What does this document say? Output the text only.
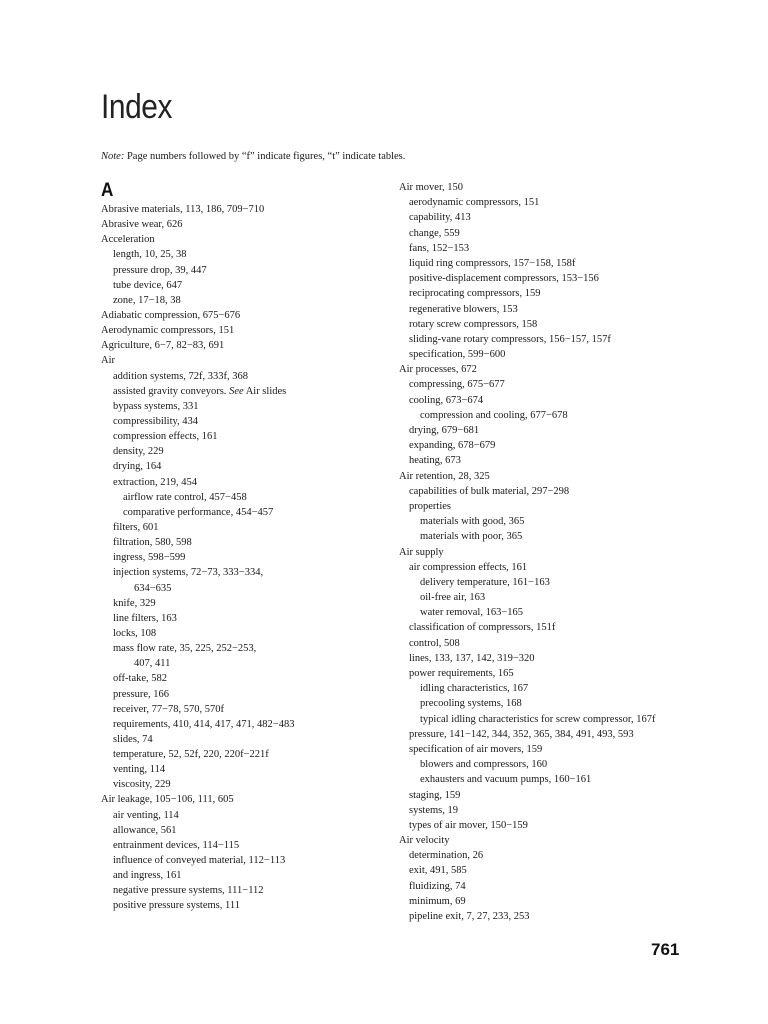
Index
Note: Page numbers followed by “f” indicate figures, “t” indicate tables.
A
Abrasive materials, 113, 186, 709−710
Abrasive wear, 626
Acceleration
length, 10, 25, 38
pressure drop, 39, 447
tube device, 647
zone, 17−18, 38
Adiabatic compression, 675−676
Aerodynamic compressors, 151
Agriculture, 6−7, 82−83, 691
Air
addition systems, 72f, 333f, 368
assisted gravity conveyors. See Air slides
bypass systems, 331
compressibility, 434
compression effects, 161
density, 229
drying, 164
extraction, 219, 454
airflow rate control, 457−458
comparative performance, 454−457
filters, 601
filtration, 580, 598
ingress, 598−599
injection systems, 72−73, 333−334,
634−635
knife, 329
line filters, 163
locks, 108
mass flow rate, 35, 225, 252−253,
407, 411
off-take, 582
pressure, 166
receiver, 77−78, 570, 570f
requirements, 410, 414, 417, 471, 482−483
slides, 74
temperature, 52, 52f, 220, 220f−221f
venting, 114
viscosity, 229
Air leakage, 105−106, 111, 605
air venting, 114
allowance, 561
entrainment devices, 114−115
influence of conveyed material, 112−113
and ingress, 161
negative pressure systems, 111−112
positive pressure systems, 111
Air mover, 150
aerodynamic compressors, 151
capability, 413
change, 559
fans, 152−153
liquid ring compressors, 157−158, 158f
positive-displacement compressors, 153−156
reciprocating compressors, 159
regenerative blowers, 153
rotary screw compressors, 158
sliding-vane rotary compressors, 156−157, 157f
specification, 599−600
Air processes, 672
compressing, 675−677
cooling, 673−674
compression and cooling, 677−678
drying, 679−681
expanding, 678−679
heating, 673
Air retention, 28, 325
capabilities of bulk material, 297−298
properties
materials with good, 365
materials with poor, 365
Air supply
air compression effects, 161
delivery temperature, 161−163
oil-free air, 163
water removal, 163−165
classification of compressors, 151f
control, 508
lines, 133, 137, 142, 319−320
power requirements, 165
idling characteristics, 167
precooling systems, 168
typical idling characteristics for screw compressor, 167f
pressure, 141−142, 344, 352, 365, 384, 491, 493, 593
specification of air movers, 159
blowers and compressors, 160
exhausters and vacuum pumps, 160−161
staging, 159
systems, 19
types of air mover, 150−159
Air velocity
determination, 26
exit, 491, 585
fluidizing, 74
minimum, 69
pipeline exit, 7, 27, 233, 253
761
